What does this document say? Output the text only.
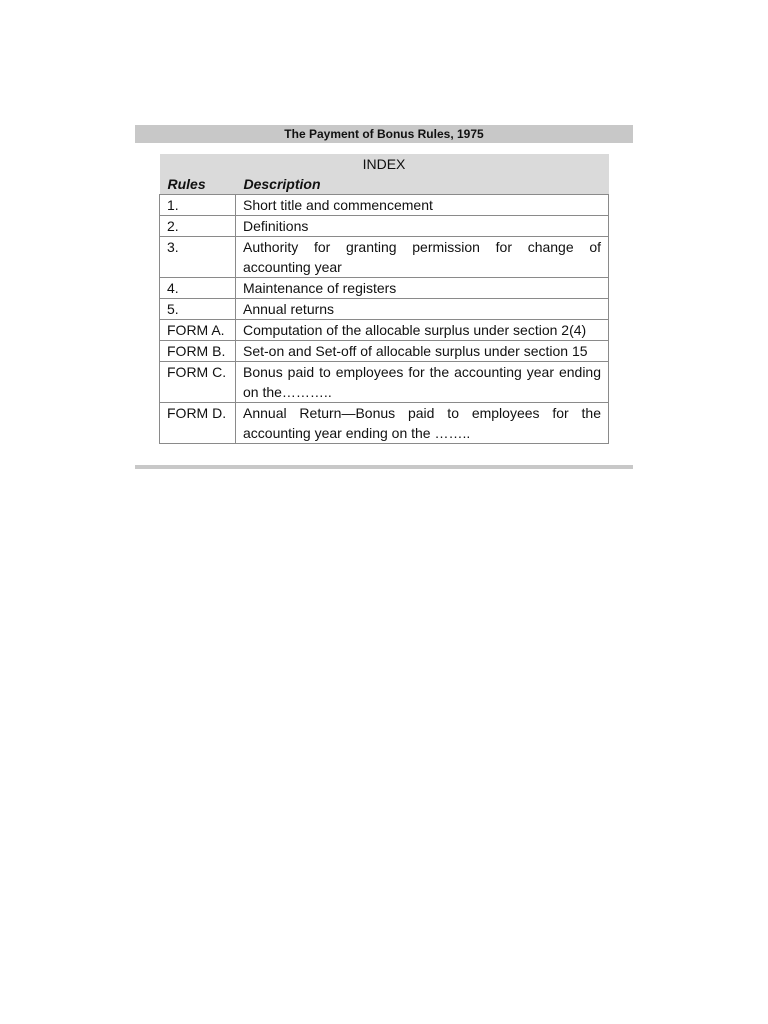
The Payment of Bonus Rules, 1975
INDEX	
Rules	Description
1.	Short title and commencement
2.	Definitions
3.	Authority for granting permission for change of accounting year
4.	Maintenance of registers
5.	Annual returns
FORM A.	Computation of the allocable surplus under section 2(4)
FORM B.	Set-on and Set-off of allocable surplus under section 15
FORM C.	Bonus paid to employees for the accounting year ending on the………..
FORM D.	Annual Return—Bonus paid to employees for the accounting year ending on the ……..
